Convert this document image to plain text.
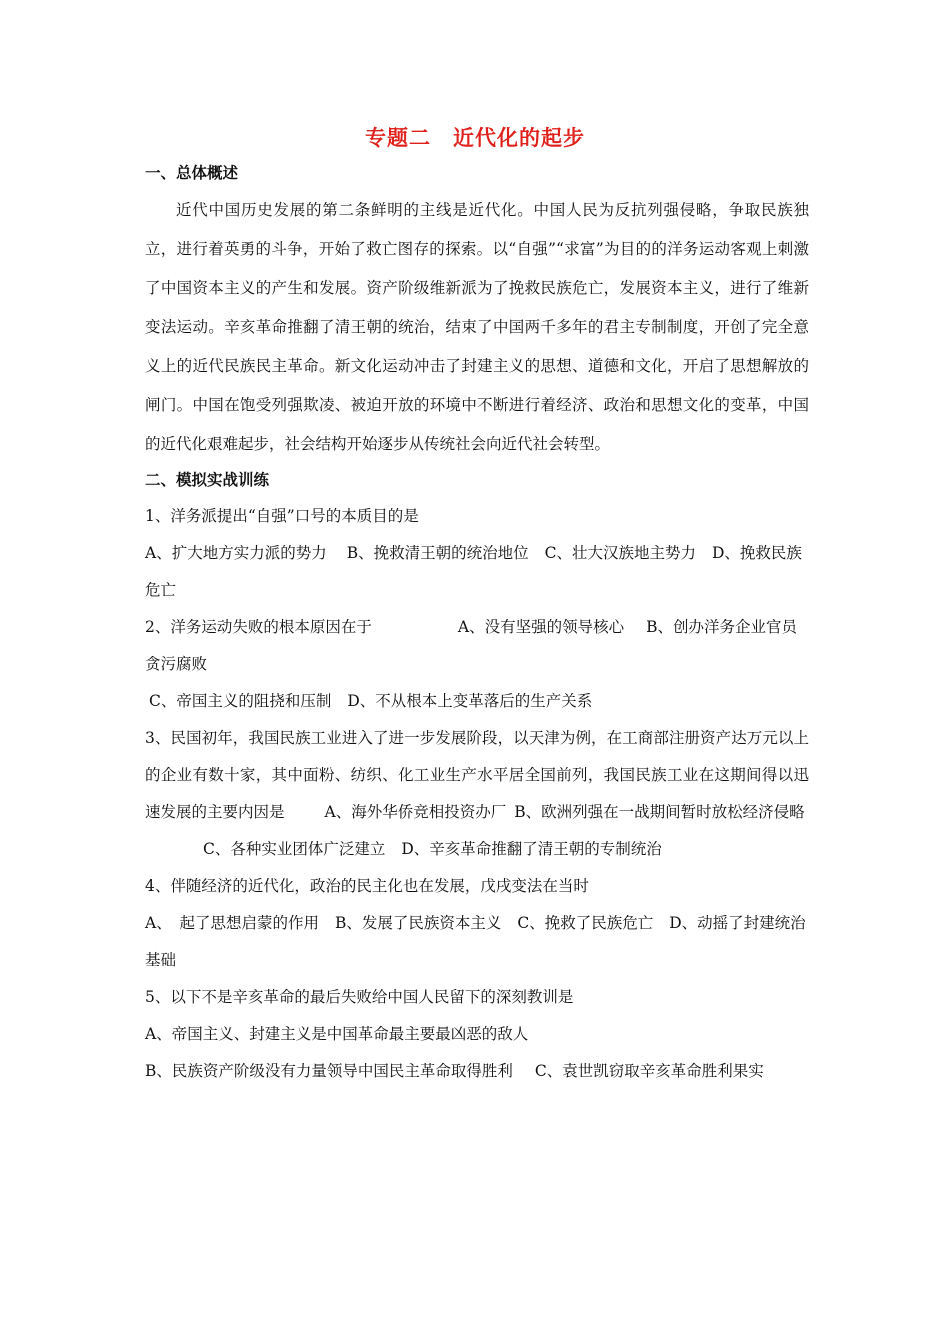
专题二　近代化的起步

一、总体概述

近代中国历史发展的第二条鲜明的主线是近代化。中国人民为反抗列强侵略，争取民族独立，进行着英勇的斗争，开始了救亡图存的探索。以“自强”“求富”为目的的洋务运动客观上刺激了中国资本主义的产生和发展。资产阶级维新派为了挽救民族危亡，发展资本主义，进行了维新变法运动。辛亥革命推翻了清王朝的统治，结束了中国两千多年的君主专制制度，开创了完全意义上的近代民族民主革命。新文化运动冲击了封建主义的思想、道德和文化，开启了思想解放的闸门。中国在饱受列强欺凌、被迫开放的环境中不断进行着经济、政治和思想文化的变革，中国的近代化艰难起步，社会结构开始逐步从传统社会向近代社会转型。

二、模拟实战训练

1、洋务派提出“自强”口号的本质目的是

A、扩大地方实力派的势力 B、挽救清王朝的统治地位 C、壮大汉族地主势力 D、挽救民族危亡

2、洋务运动失败的根本原因在于	A、没有坚强的领导核心 B、创办洋务企业官员贪污腐败

C、帝国主义的阻挠和压制 D、不从根本上变革落后的生产关系

3、民国初年，我国民族工业进入了进一步发展阶段，以天津为例，在工商部注册资产达万元以上的企业有数十家，其中面粉、纺织、化工业生产水平居全国前列，我国民族工业在这期间得以迅速发展的主要内因是	A、海外华侨竞相投资办厂 B、欧洲列强在一战期间暂时放松经济侵略

C、各种实业团体广泛建立 D、辛亥革命推翻了清王朝的专制统治

4、伴随经济的近代化，政治的民主化也在发展，戊戌变法在当时

A、　起了思想启蒙的作用 B、发展了民族资本主义 C、挽救了民族危亡 D、动摇了封建统治基础

5、以下不是辛亥革命的最后失败给中国人民留下的深刻教训是

A、帝国主义、封建主义是中国革命最主要最凶恶的敌人

B、民族资产阶级没有力量领导中国民主革命取得胜利 C、袁世凯窃取辛亥革命胜利果实
